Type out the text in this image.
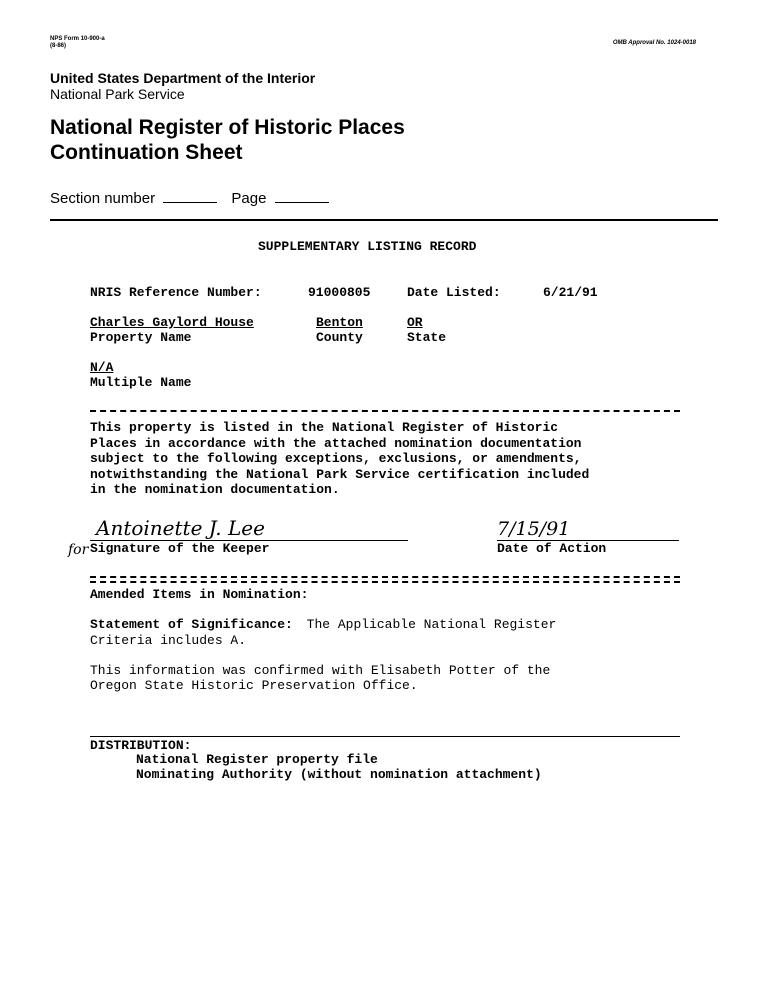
NPS Form 10-900-a
(8-86)	OMB Approval No. 1024-0018
United States Department of the Interior
National Park Service
National Register of Historic Places
Continuation Sheet
Section number	Page
SUPPLEMENTARY LISTING RECORD
NRIS Reference Number:	91000805	Date Listed:	6/21/91
Charles Gaylord House	Benton	OR
Property Name	County	State
N/A
Multiple Name
This property is listed in the National Register of Historic
Places in accordance with the attached nomination documentation
subject to the following exceptions, exclusions, or amendments,
notwithstanding the National Park Service certification included
in the nomination documentation.
Antoinette J. Lee
for Signature of the Keeper
7/15/91
Date of Action
Amended Items in Nomination:
Statement of Significance: The Applicable National Register
Criteria includes A.
This information was confirmed with Elisabeth Potter of the
Oregon State Historic Preservation Office.
DISTRIBUTION:
National Register property file
Nominating Authority (without nomination attachment)
